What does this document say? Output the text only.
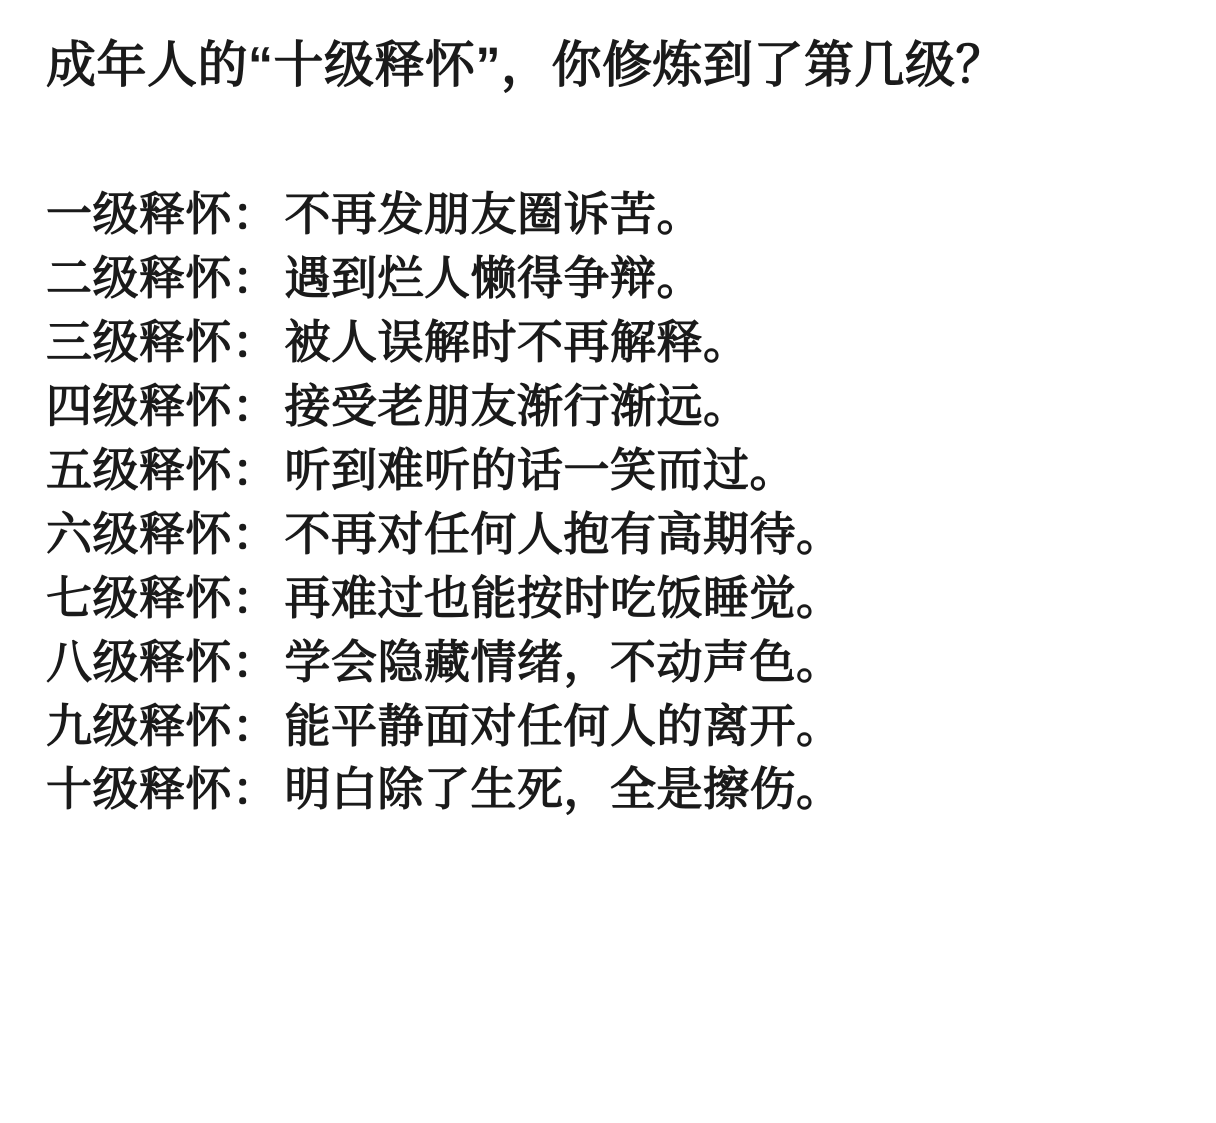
成年人的“十级释怀”，你修炼到了第几级？
一级释怀： 不再发朋友圈诉苦。
二级释怀： 遇到烂人懒得争辩。
三级释怀： 被人误解时不再解释。
四级释怀： 接受老朋友渐行渐远。
五级释怀： 听到难听的话一笑而过。
六级释怀： 不再对任何人抱有高期待。
七级释怀： 再难过也能按时吃饭睡觉。
八级释怀： 学会隐藏情绪，不动声色。
九级释怀： 能平静面对任何人的离开。
十级释怀： 明白除了生死，全是擦伤。
